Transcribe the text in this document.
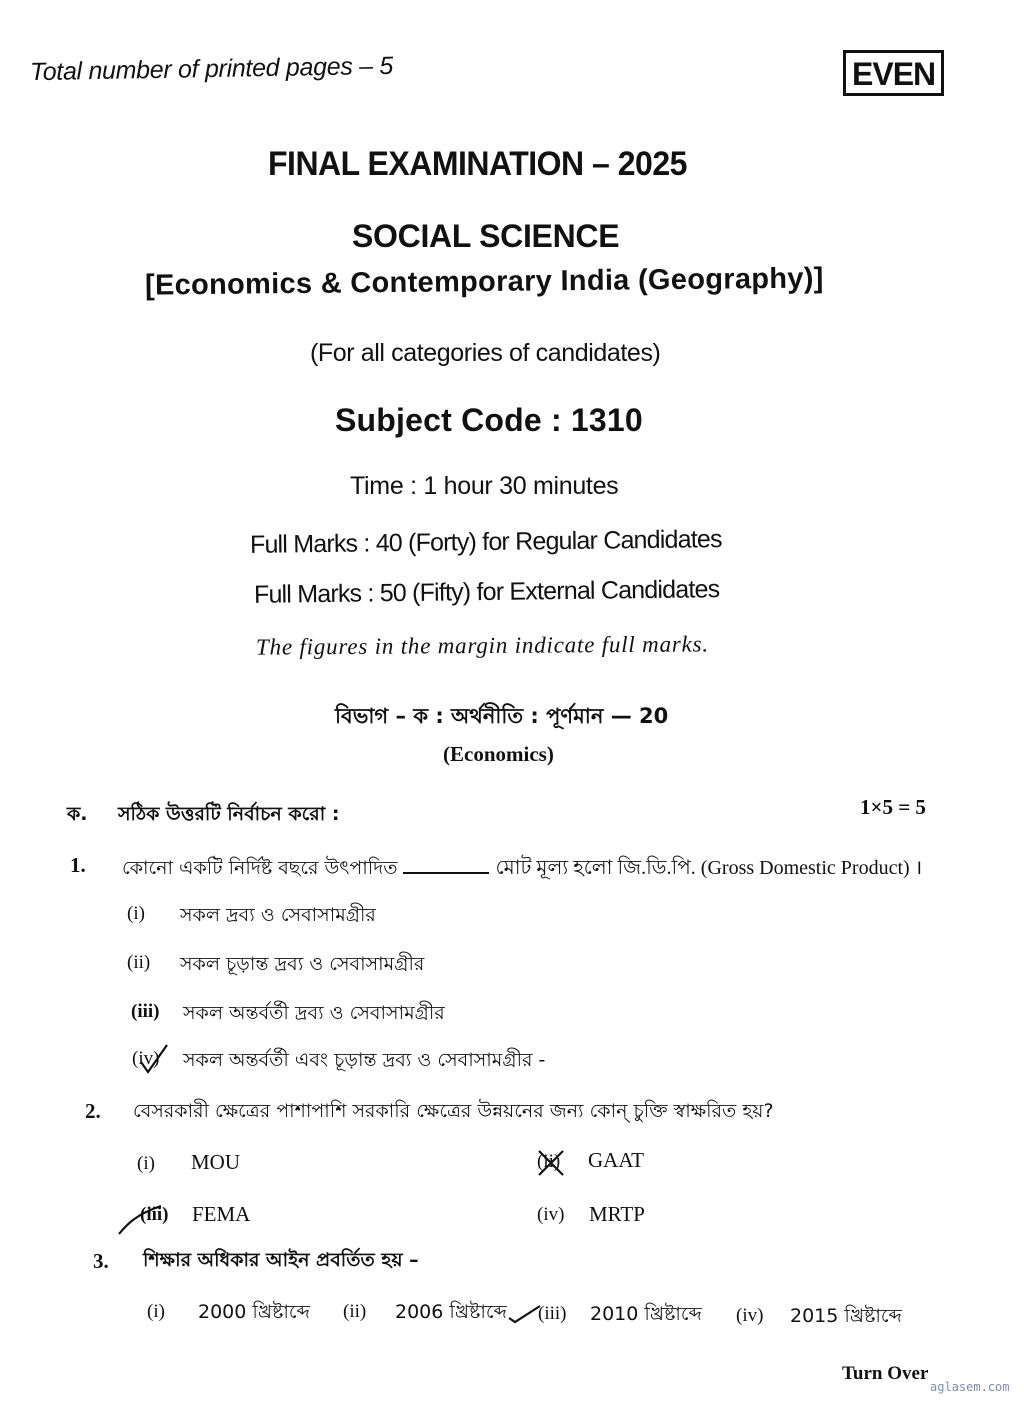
Total number of printed pages – 5	EVEN
FINAL EXAMINATION – 2025
SOCIAL SCIENCE
[Economics & Contemporary India (Geography)]
(For all categories of candidates)
Subject Code : 1310
Time : 1 hour 30 minutes
Full Marks : 40 (Forty) for Regular Candidates
Full Marks : 50 (Fifty) for External Candidates
The figures in the margin indicate full marks.
বিভাগ – ক : অর্থনীতি : পূর্ণমান — 20
(Economics)
ক. সঠিক উত্তরটি নির্বাচন করো :	1×5 = 5
1. কোনো একটি নির্দিষ্ট বছরে উৎপাদিত	মোট মূল্য হলো জি.ডি.পি. (Gross Domestic Product) ।
(i) সকল দ্রব্য ও সেবাসামগ্রীর
(ii) সকল চূড়ান্ত দ্রব্য ও সেবাসামগ্রীর
(iii) সকল অন্তর্বর্তী দ্রব্য ও সেবাসামগ্রীর
(iv) সকল অন্তর্বর্তী এবং চূড়ান্ত দ্রব্য ও সেবাসামগ্রীর -
2. বেসরকারী ক্ষেত্রের পাশাপাশি সরকারি ক্ষেত্রের উন্নয়নের জন্য কোন্ চুক্তি স্বাক্ষরিত হয়?
(i) MOU	(ii) GAAT
(iii) FEMA	(iv) MRTP
3. শিক্ষার অধিকার আইন প্রবর্তিত হয় –
(i) 2000 খ্রিষ্টাব্দে (ii) 2006 খ্রিষ্টাব্দে (iii) 2010 খ্রিষ্টাব্দে (iv) 2015 খ্রিষ্টাব্দে
Turn Over
aglasem.com
